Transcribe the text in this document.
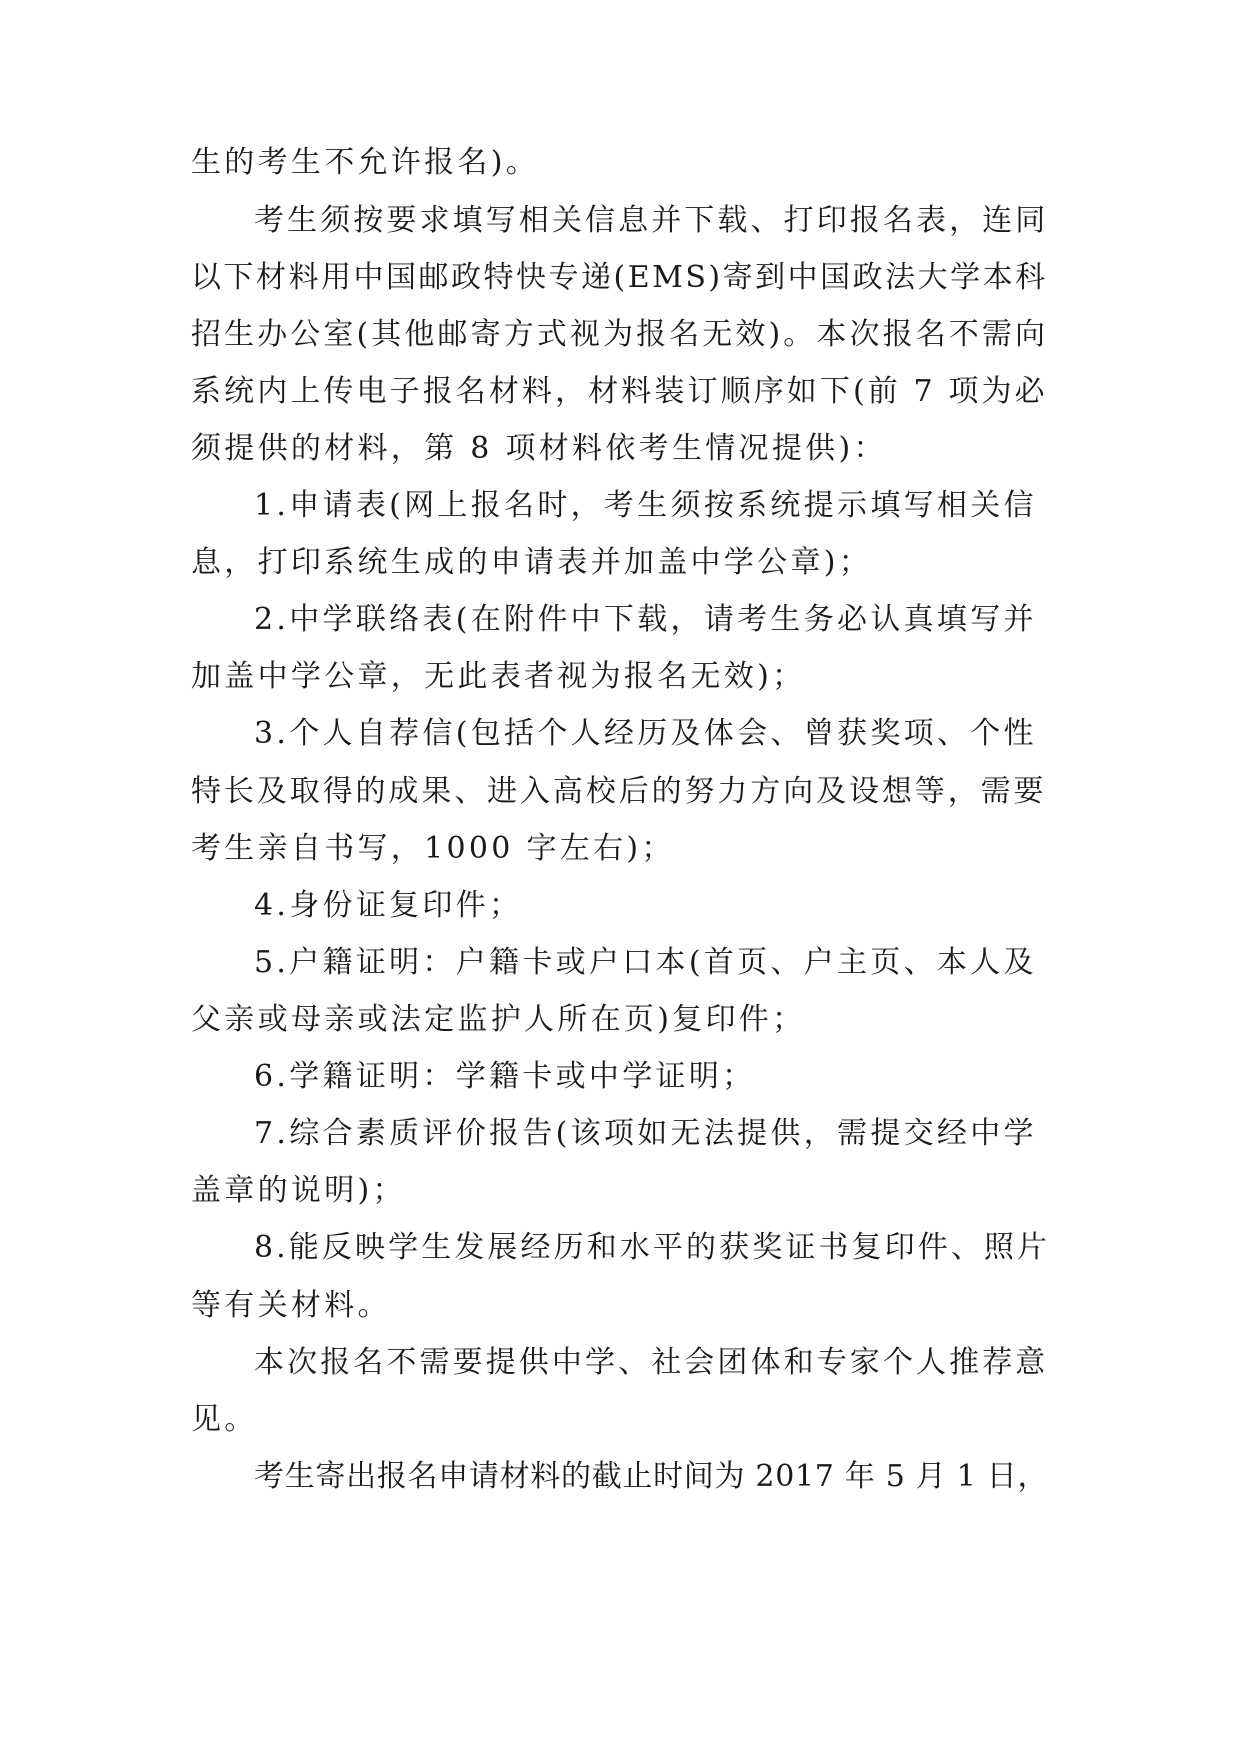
生的考生不允许报名)。

考生须按要求填写相关信息并下载、打印报名表，连同

以下材料用中国邮政特快专递(EMS)寄到中国政法大学本科

招生办公室(其他邮寄方式视为报名无效)。本次报名不需向

系统内上传电子报名材料，材料装订顺序如下(前 7 项为必

须提供的材料，第 8 项材料依考生情况提供)：

1.申请表(网上报名时，考生须按系统提示填写相关信

息，打印系统生成的申请表并加盖中学公章)；

2.中学联络表(在附件中下载，请考生务必认真填写并

加盖中学公章，无此表者视为报名无效)；

3.个人自荐信(包括个人经历及体会、曾获奖项、个性

特长及取得的成果、进入高校后的努力方向及设想等，需要

考生亲自书写，1000 字左右)；

4.身份证复印件；

5.户籍证明：户籍卡或户口本(首页、户主页、本人及

父亲或母亲或法定监护人所在页)复印件；

6.学籍证明：学籍卡或中学证明；

7.综合素质评价报告(该项如无法提供，需提交经中学

盖章的说明)；

8.能反映学生发展经历和水平的获奖证书复印件、照片

等有关材料。

本次报名不需要提供中学、社会团体和专家个人推荐意

见。

考生寄出报名申请材料的截止时间为 2017 年 5 月 1 日，
